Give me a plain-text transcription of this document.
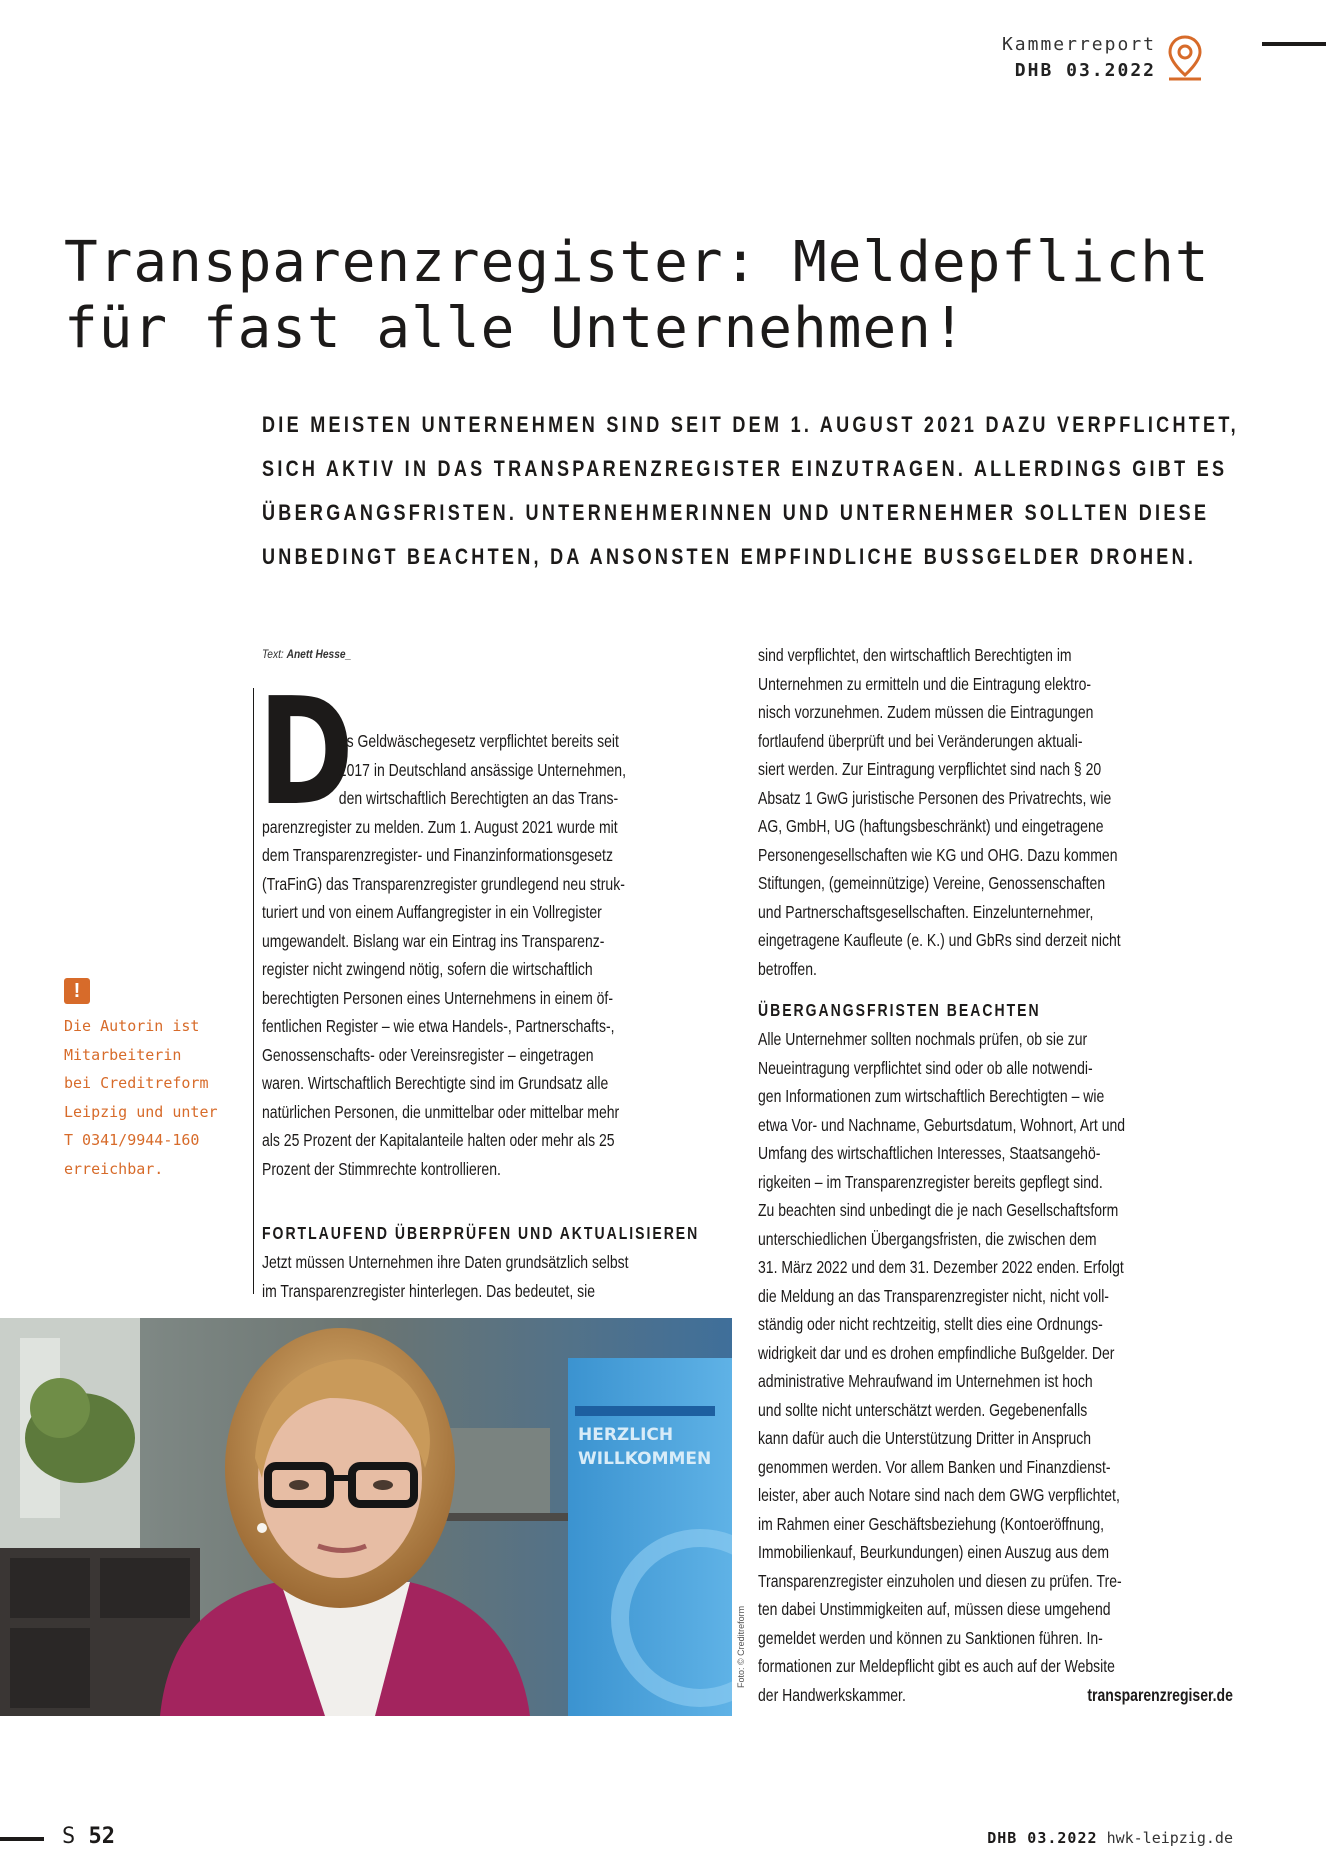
Kammerreport
DHB 03.2022
Transparenzregister: Meldepflicht
für fast alle Unternehmen!
DIE MEISTEN UNTERNEHMEN SIND SEIT DEM 1. AUGUST 2021 DAZU VERPFLICHTET,
SICH AKTIV IN DAS TRANSPARENZREGISTER EINZUTRAGEN. ALLERDINGS GIBT ES
ÜBERGANGSFRISTEN. UNTERNEHMERINNEN UND UNTERNEHMER SOLLTEN DIESE
UNBEDINGT BEACHTEN, DA ANSONSTEN EMPFINDLICHE BUSSGELDER DROHEN.
Text: Anett Hesse_
D
as Geldwäschegesetz verpflichtet bereits seit
2017 in Deutschland ansässige Unternehmen,
den wirtschaftlich Berechtigten an das Trans-
parenzregister zu melden. Zum 1. August 2021 wurde mit
dem Transparenzregister- und Finanzinformationsgesetz
(TraFinG) das Transparenzregister grundlegend neu struk-
turiert und von einem Auffangregister in ein Vollregister
umgewandelt. Bislang war ein Eintrag ins Transparenz-
register nicht zwingend nötig, sofern die wirtschaftlich
berechtigten Personen eines Unternehmens in einem öf-
fentlichen Register – wie etwa Handels-, Partnerschafts-,
Genossenschafts- oder Vereinsregister – eingetragen
waren. Wirtschaftlich Berechtigte sind im Grundsatz alle
natürlichen Personen, die unmittelbar oder mittelbar mehr
als 25 Prozent der Kapitalanteile halten oder mehr als 25
Prozent der Stimmrechte kontrollieren.
FORTLAUFEND ÜBERPRÜFEN UND AKTUALISIEREN
Jetzt müssen Unternehmen ihre Daten grundsätzlich selbst
im Transparenzregister hinterlegen. Das bedeutet, sie
sind verpflichtet, den wirtschaftlich Berechtigten im
Unternehmen zu ermitteln und die Eintragung elektro-
nisch vorzunehmen. Zudem müssen die Eintragungen
fortlaufend überprüft und bei Veränderungen aktuali-
siert werden. Zur Eintragung verpflichtet sind nach § 20
Absatz 1 GwG juristische Personen des Privatrechts, wie
AG, GmbH, UG (haftungsbeschränkt) und eingetragene
Personengesellschaften wie KG und OHG. Dazu kommen
Stiftungen, (gemeinnützige) Vereine, Genossenschaften
und Partnerschaftsgesellschaften. Einzelunternehmer,
eingetragene Kaufleute (e. K.) und GbRs sind derzeit nicht
betroffen.
ÜBERGANGSFRISTEN BEACHTEN
Alle Unternehmer sollten nochmals prüfen, ob sie zur
Neueintragung verpflichtet sind oder ob alle notwendi-
gen Informationen zum wirtschaftlich Berechtigten – wie
etwa Vor- und Nachname, Geburtsdatum, Wohnort, Art und
Umfang des wirtschaftlichen Interesses, Staatsangehö-
rigkeiten – im Transparenzregister bereits gepflegt sind.
Zu beachten sind unbedingt die je nach Gesellschaftsform
unterschiedlichen Übergangsfristen, die zwischen dem
31. März 2022 und dem 31. Dezember 2022 enden. Erfolgt
die Meldung an das Transparenzregister nicht, nicht voll-
ständig oder nicht rechtzeitig, stellt dies eine Ordnungs-
widrigkeit dar und es drohen empfindliche Bußgelder. Der
administrative Mehraufwand im Unternehmen ist hoch
und sollte nicht unterschätzt werden. Gegebenenfalls
kann dafür auch die Unterstützung Dritter in Anspruch
genommen werden. Vor allem Banken und Finanzdienst-
leister, aber auch Notare sind nach dem GWG verpflichtet,
im Rahmen einer Geschäftsbeziehung (Kontoeröffnung,
Immobilienkauf, Beurkundungen) einen Auszug aus dem
Transparenzregister einzuholen und diesen zu prüfen. Tre-
ten dabei Unstimmigkeiten auf, müssen diese umgehend
gemeldet werden und können zu Sanktionen führen. In-
formationen zur Meldepflicht gibt es auch auf der Website
der Handwerkskammer.	transparenzregiser.de
!
Die Autorin ist
Mitarbeiterin
bei Creditreform
Leipzig und unter
T 0341/9944-160
erreichbar.
HERZLICH
WILLKOMMEN
Foto: © Creditreform
S 52	DHB 03.2022 hwk-leipzig.de
